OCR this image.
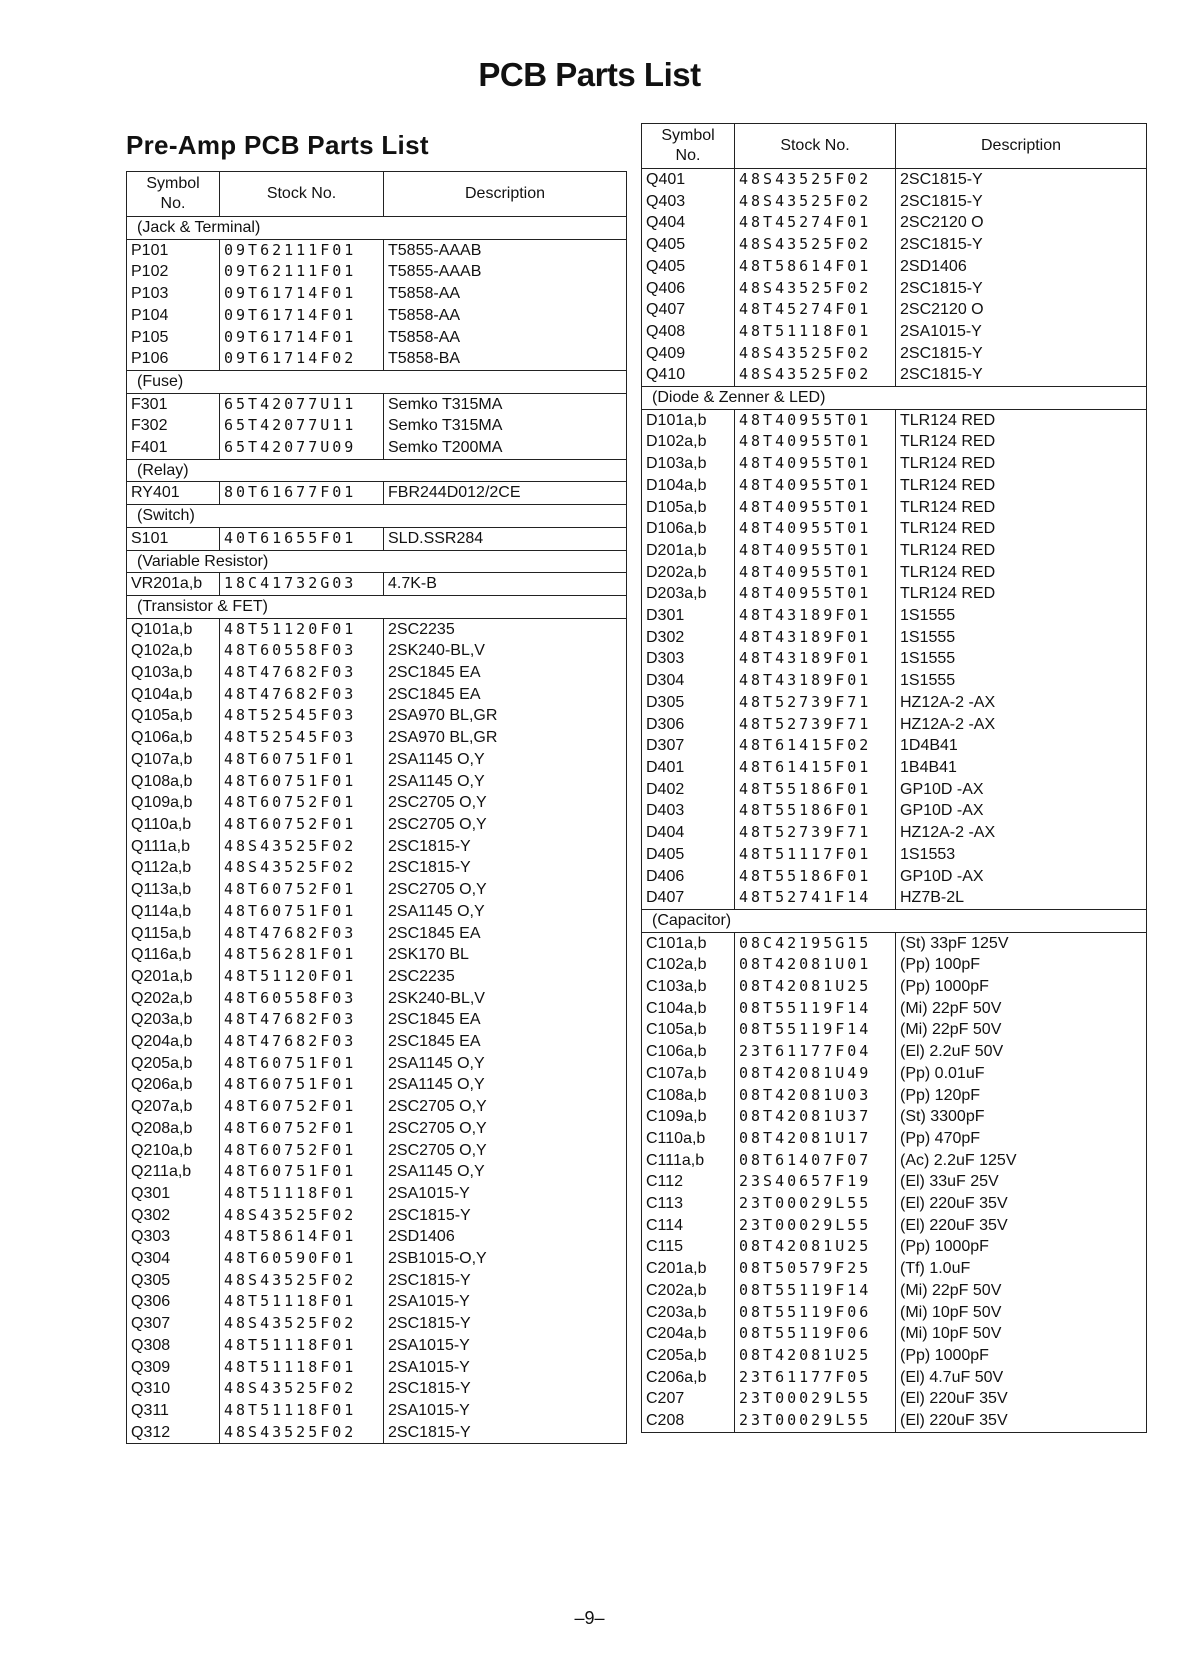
PCB Parts List
Pre-Amp PCB Parts List
Symbol No.	Stock No.	Description
(Jack & Terminal)		
P101	09T62111F01	T5855-AAAB
P102	09T62111F01	T5855-AAAB
P103	09T61714F01	T5858-AA
P104	09T61714F01	T5858-AA
P105	09T61714F01	T5858-AA
P106	09T61714F02	T5858-BA
(Fuse)		
F301	65T42077U11	Semko T315MA
F302	65T42077U11	Semko T315MA
F401	65T42077U09	Semko T200MA
(Relay)		
RY401	80T61677F01	FBR244D012/2CE
(Switch)		
S101	40T61655F01	SLD.SSR284
(Variable Resistor)		
VR201a,b	18C41732G03	4.7K-B
(Transistor & FET)		
Q101a,b	48T51120F01	2SC2235
Q102a,b	48T60558F03	2SK240-BL,V
Q103a,b	48T47682F03	2SC1845 EA
Q104a,b	48T47682F03	2SC1845 EA
Q105a,b	48T52545F03	2SA970 BL,GR
Q106a,b	48T52545F03	2SA970 BL,GR
Q107a,b	48T60751F01	2SA1145 O,Y
Q108a,b	48T60751F01	2SA1145 O,Y
Q109a,b	48T60752F01	2SC2705 O,Y
Q110a,b	48T60752F01	2SC2705 O,Y
Q111a,b	48S43525F02	2SC1815-Y
Q112a,b	48S43525F02	2SC1815-Y
Q113a,b	48T60752F01	2SC2705 O,Y
Q114a,b	48T60751F01	2SA1145 O,Y
Q115a,b	48T47682F03	2SC1845 EA
Q116a,b	48T56281F01	2SK170 BL
Q201a,b	48T51120F01	2SC2235
Q202a,b	48T60558F03	2SK240-BL,V
Q203a,b	48T47682F03	2SC1845 EA
Q204a,b	48T47682F03	2SC1845 EA
Q205a,b	48T60751F01	2SA1145 O,Y
Q206a,b	48T60751F01	2SA1145 O,Y
Q207a,b	48T60752F01	2SC2705 O,Y
Q208a,b	48T60752F01	2SC2705 O,Y
Q210a,b	48T60752F01	2SC2705 O,Y
Q211a,b	48T60751F01	2SA1145 O,Y
Q301	48T51118F01	2SA1015-Y
Q302	48S43525F02	2SC1815-Y
Q303	48T58614F01	2SD1406
Q304	48T60590F01	2SB1015-O,Y
Q305	48S43525F02	2SC1815-Y
Q306	48T51118F01	2SA1015-Y
Q307	48S43525F02	2SC1815-Y
Q308	48T51118F01	2SA1015-Y
Q309	48T51118F01	2SA1015-Y
Q310	48S43525F02	2SC1815-Y
Q311	48T51118F01	2SA1015-Y
Q312	48S43525F02	2SC1815-Y
Symbol No.	Stock No.	Description
Q401	48S43525F02	2SC1815-Y
Q403	48S43525F02	2SC1815-Y
Q404	48T45274F01	2SC2120 O
Q405	48S43525F02	2SC1815-Y
Q405	48T58614F01	2SD1406
Q406	48S43525F02	2SC1815-Y
Q407	48T45274F01	2SC2120 O
Q408	48T51118F01	2SA1015-Y
Q409	48S43525F02	2SC1815-Y
Q410	48S43525F02	2SC1815-Y
(Diode & Zenner & LED)		
D101a,b	48T40955T01	TLR124 RED
D102a,b	48T40955T01	TLR124 RED
D103a,b	48T40955T01	TLR124 RED
D104a,b	48T40955T01	TLR124 RED
D105a,b	48T40955T01	TLR124 RED
D106a,b	48T40955T01	TLR124 RED
D201a,b	48T40955T01	TLR124 RED
D202a,b	48T40955T01	TLR124 RED
D203a,b	48T40955T01	TLR124 RED
D301	48T43189F01	1S1555
D302	48T43189F01	1S1555
D303	48T43189F01	1S1555
D304	48T43189F01	1S1555
D305	48T52739F71	HZ12A-2 -AX
D306	48T52739F71	HZ12A-2 -AX
D307	48T61415F02	1D4B41
D401	48T61415F01	1B4B41
D402	48T55186F01	GP10D -AX
D403	48T55186F01	GP10D -AX
D404	48T52739F71	HZ12A-2 -AX
D405	48T51117F01	1S1553
D406	48T55186F01	GP10D -AX
D407	48T52741F14	HZ7B-2L
(Capacitor)		
C101a,b	08C42195G15	(St) 33pF 125V
C102a,b	08T42081U01	(Pp) 100pF
C103a,b	08T42081U25	(Pp) 1000pF
C104a,b	08T55119F14	(Mi) 22pF 50V
C105a,b	08T55119F14	(Mi) 22pF 50V
C106a,b	23T61177F04	(El) 2.2uF 50V
C107a,b	08T42081U49	(Pp) 0.01uF
C108a,b	08T42081U03	(Pp) 120pF
C109a,b	08T42081U37	(St) 3300pF
C110a,b	08T42081U17	(Pp) 470pF
C111a,b	08T61407F07	(Ac) 2.2uF 125V
C112	23S40657F19	(El) 33uF 25V
C113	23T00029L55	(El) 220uF 35V
C114	23T00029L55	(El) 220uF 35V
C115	08T42081U25	(Pp) 1000pF
C201a,b	08T50579F25	(Tf) 1.0uF
C202a,b	08T55119F14	(Mi) 22pF 50V
C203a,b	08T55119F06	(Mi) 10pF 50V
C204a,b	08T55119F06	(Mi) 10pF 50V
C205a,b	08T42081U25	(Pp) 1000pF
C206a,b	23T61177F05	(El) 4.7uF 50V
C207	23T00029L55	(El) 220uF 35V
C208	23T00029L55	(El) 220uF 35V
–9–
